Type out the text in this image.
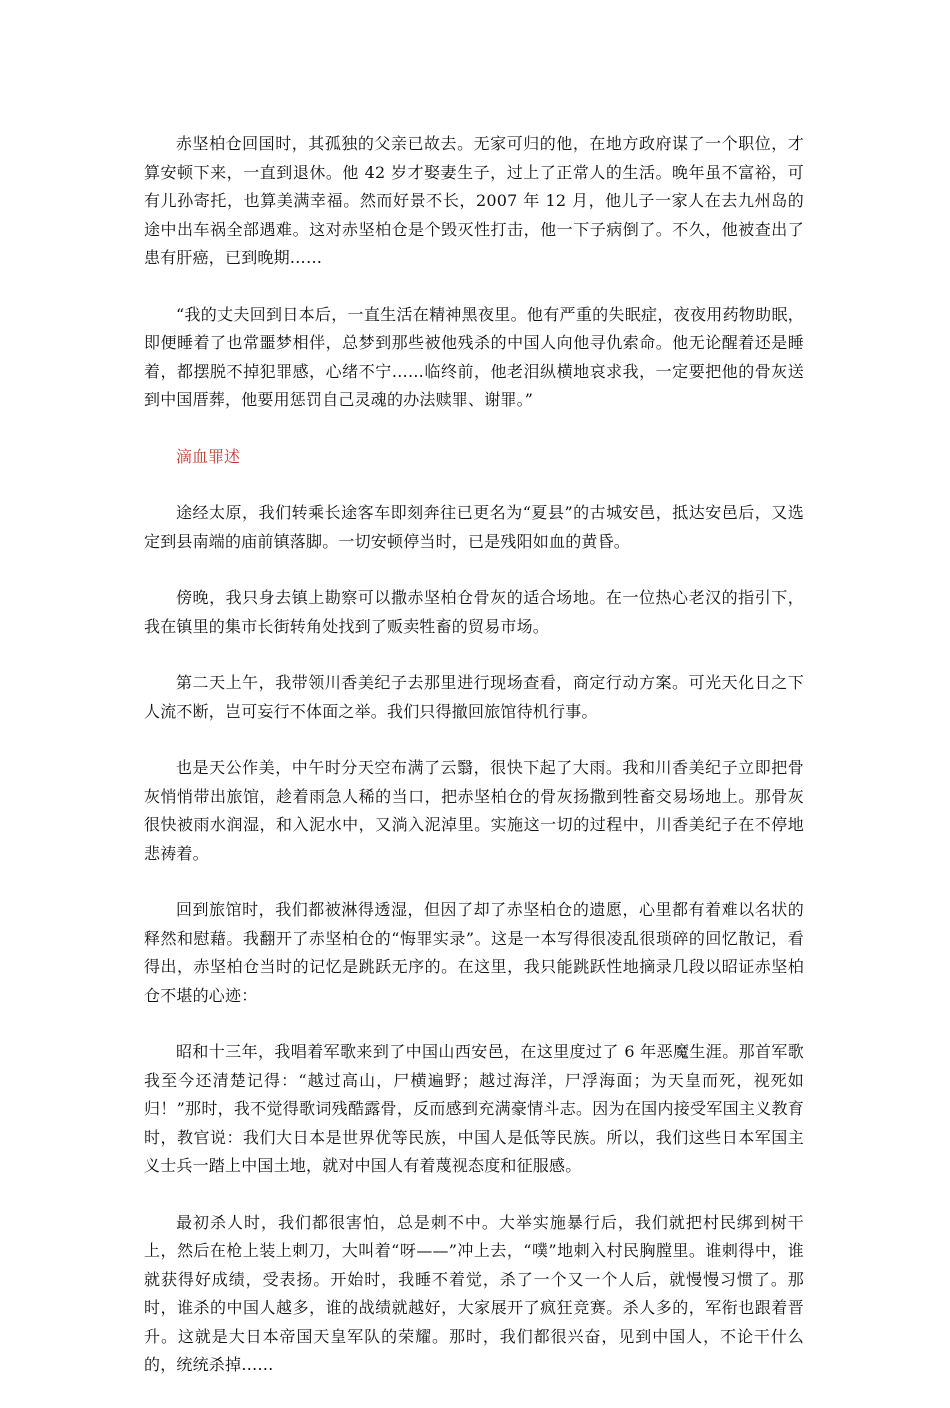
赤坚柏仓回国时，其孤独的父亲已故去。无家可归的他，在地方政府谋了一个职位，才算安顿下来，一直到退休。他 42 岁才娶妻生子，过上了正常人的生活。晚年虽不富裕，可有儿孙寄托，也算美满幸福。然而好景不长，2007 年 12 月，他儿子一家人在去九州岛的途中出车祸全部遇难。这对赤坚柏仓是个毁灭性打击，他一下子病倒了。不久，他被查出了患有肝癌，已到晚期……

“我的丈夫回到日本后，一直生活在精神黑夜里。他有严重的失眠症，夜夜用药物助眠，即便睡着了也常噩梦相伴，总梦到那些被他残杀的中国人向他寻仇索命。他无论醒着还是睡着，都摆脱不掉犯罪感，心绪不宁……临终前，他老泪纵横地哀求我，一定要把他的骨灰送到中国厝葬，他要用惩罚自己灵魂的办法赎罪、谢罪。”

滴血罪述

途经太原，我们转乘长途客车即刻奔往已更名为“夏县”的古城安邑，抵达安邑后，又选定到县南端的庙前镇落脚。一切安顿停当时，已是残阳如血的黄昏。

傍晚，我只身去镇上勘察可以撒赤坚柏仓骨灰的适合场地。在一位热心老汉的指引下，我在镇里的集市长街转角处找到了贩卖牲畜的贸易市场。

第二天上午，我带领川香美纪子去那里进行现场查看，商定行动方案。可光天化日之下人流不断，岂可妄行不体面之举。我们只得撤回旅馆待机行事。

也是天公作美，中午时分天空布满了云翳，很快下起了大雨。我和川香美纪子立即把骨灰悄悄带出旅馆，趁着雨急人稀的当口，把赤坚柏仓的骨灰扬撒到牲畜交易场地上。那骨灰很快被雨水润湿，和入泥水中，又淌入泥淖里。实施这一切的过程中，川香美纪子在不停地悲祷着。

回到旅馆时，我们都被淋得透湿，但因了却了赤坚柏仓的遗愿，心里都有着难以名状的释然和慰藉。我翻开了赤坚柏仓的“悔罪实录”。这是一本写得很凌乱很琐碎的回忆散记，看得出，赤坚柏仓当时的记忆是跳跃无序的。在这里，我只能跳跃性地摘录几段以昭证赤坚柏仓不堪的心迹：

昭和十三年，我唱着军歌来到了中国山西安邑，在这里度过了 6 年恶魔生涯。那首军歌我至今还清楚记得：“越过高山，尸横遍野；越过海洋，尸浮海面；为天皇而死，视死如归！”那时，我不觉得歌词残酷露骨，反而感到充满豪情斗志。因为在国内接受军国主义教育时，教官说：我们大日本是世界优等民族，中国人是低等民族。所以，我们这些日本军国主义士兵一踏上中国土地，就对中国人有着蔑视态度和征服感。

最初杀人时，我们都很害怕，总是刺不中。大举实施暴行后，我们就把村民绑到树干上，然后在枪上装上刺刀，大叫着“呀——”冲上去，“噗”地刺入村民胸膛里。谁刺得中，谁就获得好成绩，受表扬。开始时，我睡不着觉，杀了一个又一个人后，就慢慢习惯了。那时，谁杀的中国人越多，谁的战绩就越好，大家展开了疯狂竞赛。杀人多的，军衔也跟着晋升。这就是大日本帝国天皇军队的荣耀。那时，我们都很兴奋，见到中国人，不论干什么的，统统杀掉……
